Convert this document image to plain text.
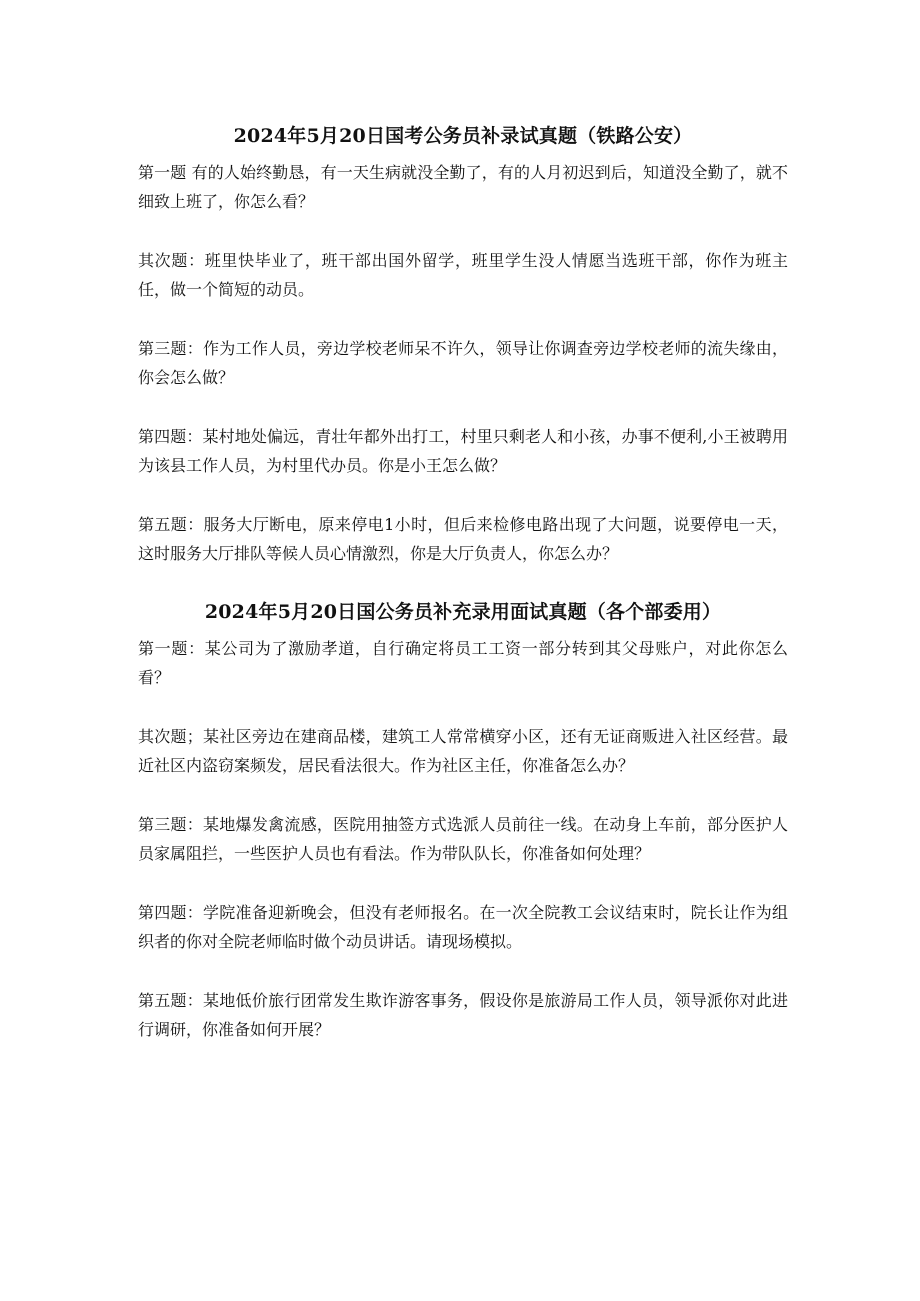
2024年5月20日国考公务员补录试真题（铁路公安）

第一题 有的人始终勤恳，有一天生病就没全勤了，有的人月初迟到后，知道没全勤了，就不细致上班了，你怎么看？

其次题：班里快毕业了，班干部出国外留学，班里学生没人情愿当选班干部，你作为班主任，做一个简短的动员。

第三题：作为工作人员，旁边学校老师呆不许久，领导让你调查旁边学校老师的流失缘由，你会怎么做？

第四题：某村地处偏远，青壮年都外出打工，村里只剩老人和小孩，办事不便利,小王被聘用为该县工作人员，为村里代办员。你是小王怎么做？

第五题：服务大厅断电，原来停电1小时，但后来检修电路出现了大问题，说要停电一天，这时服务大厅排队等候人员心情激烈，你是大厅负责人，你怎么办？

2024年5月20日国公务员补充录用面试真题（各个部委用）

第一题：某公司为了激励孝道，自行确定将员工工资一部分转到其父母账户，对此你怎么看？

其次题；某社区旁边在建商品楼，建筑工人常常横穿小区，还有无证商贩进入社区经营。最近社区内盗窃案频发，居民看法很大。作为社区主任，你准备怎么办？

第三题：某地爆发禽流感，医院用抽签方式选派人员前往一线。在动身上车前，部分医护人员家属阻拦，一些医护人员也有看法。作为带队队长，你准备如何处理？

第四题：学院准备迎新晚会，但没有老师报名。在一次全院教工会议结束时，院长让作为组织者的你对全院老师临时做个动员讲话。请现场模拟。

第五题：某地低价旅行团常发生欺诈游客事务，假设你是旅游局工作人员，领导派你对此进行调研，你准备如何开展？
